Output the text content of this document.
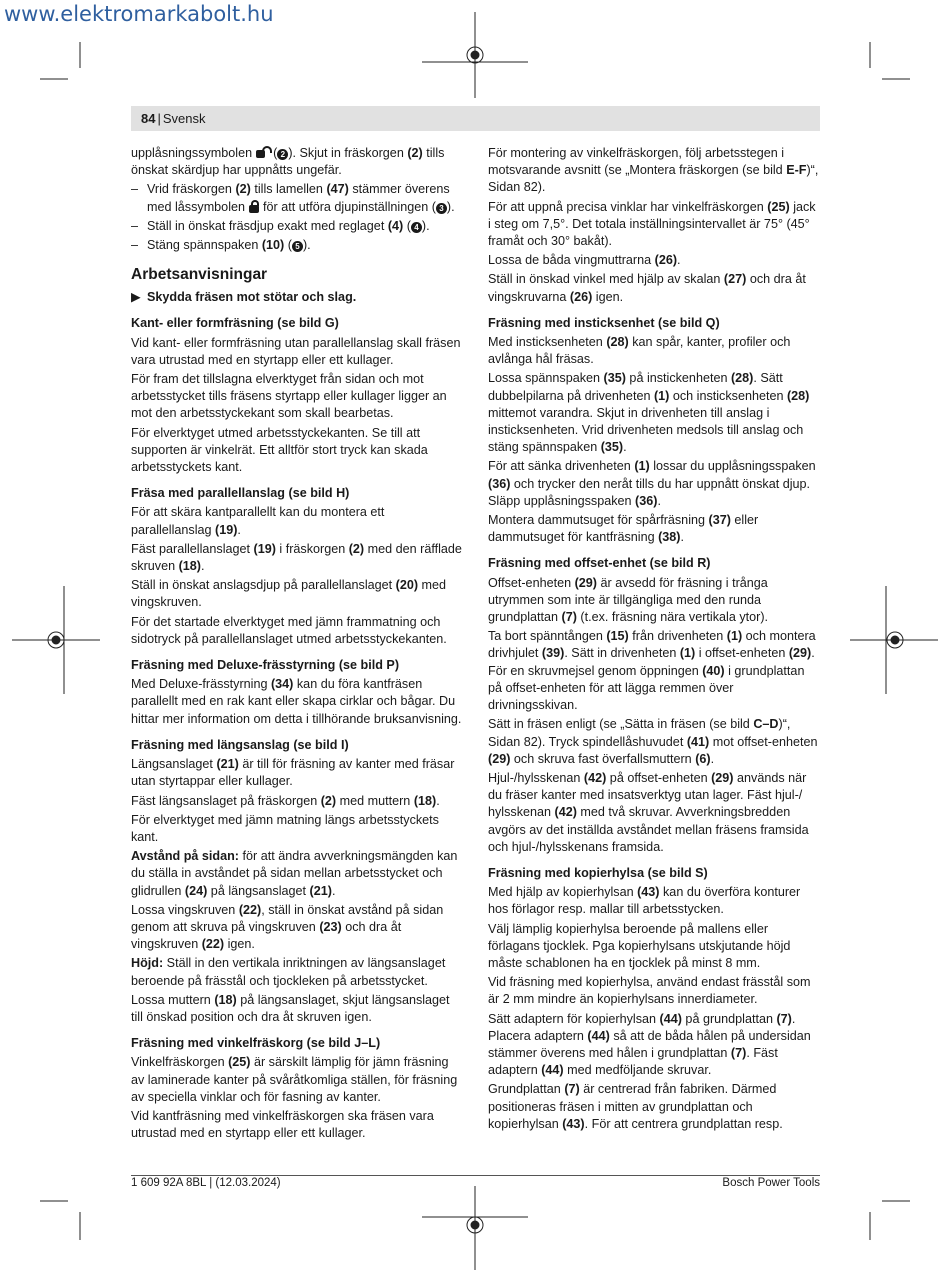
www.elektromarkabolt.hu
84 | Svensk

upplåsningssymbolen  ( 2 ). Skjut in fräskorgen (2) tills önskat skärdjup har uppnåtts ungefär.

– Vrid fräskorgen (2) tills lamellen (47) stämmer överens med låssymbolen  för att utföra djupinställningen ( 3 ).
– Ställ in önskat fräsdjup exakt med reglaget (4) ( 4 ).
– Stäng spännspaken (10) ( 5 ).
Arbetsanvisningar

▶ Skydda fräsen mot stötar och slag.

Kant- eller formfräsning (se bild G)

Vid kant- eller formfräsning utan parallellanslag skall fräsen vara utrustad med en styrtapp eller ett kullager.

För fram det tillslagna elverktyget från sidan och mot arbetsstycket tills fräsens styrtapp eller kullager ligger an mot den arbetsstyckekant som skall bearbetas.

För elverktyget utmed arbetsstyckekanten. Se till att supporten är vinkelrät. Ett alltför stort tryck kan skada arbetsstyckets kant.

Fräsa med parallellanslag (se bild H)

För att skära kantparallellt kan du montera ett parallellanslag (19).

Fäst parallellanslaget (19) i fräskorgen (2) med den räfflade skruven (18).

Ställ in önskat anslagsdjup på parallellanslaget (20) med vingskruven.

För det startade elverktyget med jämn frammatning och sidotryck på parallellanslaget utmed arbetsstyckekanten.

Fräsning med Deluxe-frässtyrning (se bild P)

Med Deluxe-frässtyrning (34) kan du föra kantfräsen parallellt med en rak kant eller skapa cirklar och bågar. Du hittar mer information om detta i tillhörande bruksanvisning.

Fräsning med längsanslag (se bild I)

Längsanslaget (21) är till för fräsning av kanter med fräsar utan styrtappar eller kullager.

Fäst längsanslaget på fräskorgen (2) med muttern (18).

För elverktyget med jämn matning längs arbetsstyckets kant.

Avstånd på sidan: för att ändra avverkningsmängden kan du ställa in avståndet på sidan mellan arbetsstycket och glidrullen (24) på längsanslaget (21).

Lossa vingskruven (22), ställ in önskat avstånd på sidan genom att skruva på vingskruven (23) och dra åt vingskruven (22) igen.

Höjd: Ställ in den vertikala inriktningen av längsanslaget beroende på frässtål och tjockleken på arbetsstycket.

Lossa muttern (18) på längsanslaget, skjut längsanslaget till önskad position och dra åt skruven igen.

Fräsning med vinkelfräskorg (se bild J–L)

Vinkelfräskorgen (25) är särskilt lämplig för jämn fräsning av laminerade kanter på svåråtkomliga ställen, för fräsning av speciella vinklar och för fasning av kanter.

Vid kantfräsning med vinkelfräskorgen ska fräsen vara utrustad med en styrtapp eller ett kullager.

För montering av vinkelfräskorgen, följ arbetsstegen i motsvarande avsnitt (se „Montera fräskorgen (se bild E-F)“, Sidan 82).

För att uppnå precisa vinklar har vinkelfräskorgen (25) jack i steg om 7,5°. Det totala inställningsintervallet är 75° (45° framåt och 30° bakåt).

Lossa de båda vingmuttrarna (26).

Ställ in önskad vinkel med hjälp av skalan (27) och dra åt vingskruvarna (26) igen.

Fräsning med insticksenhet (se bild Q)

Med insticksenheten (28) kan spår, kanter, profiler och avlånga hål fräsas.

Lossa spännspaken (35) på instickenheten (28). Sätt dubbelpilarna på drivenheten (1) och insticksenheten (28) mittemot varandra. Skjut in drivenheten till anslag i insticksenheten. Vrid drivenheten medsols till anslag och stäng spännspaken (35).

För att sänka drivenheten (1) lossar du upplåsningsspaken (36) och trycker den neråt tills du har uppnått önskat djup. Släpp upplåsningsspaken (36).

Montera dammutsuget för spårfräsning (37) eller dammutsuget för kantfräsning (38).

Fräsning med offset-enhet (se bild R)

Offset-enheten (29) är avsedd för fräsning i trånga utrymmen som inte är tillgängliga med den runda grundplattan (7) (t.ex. fräsning nära vertikala ytor).

Ta bort spänntången (15) från drivenheten (1) och montera drivhjulet (39). Sätt in drivenheten (1) i offset-enheten (29). För en skruvmejsel genom öppningen (40) i grundplattan på offset-enheten för att lägga remmen över drivningsskivan.

Sätt in fräsen enligt (se „Sätta in fräsen (se bild C–D)“, Sidan 82). Tryck spindellåshuvudet (41) mot offset-enheten (29) och skruva fast överfallsmuttern (6).

Hjul-/hylsskenan (42) på offset-enheten (29) används när du fräser kanter med insatsverktyg utan lager. Fäst hjul-/ hylsskenan (42) med två skruvar. Avverkningsbredden avgörs av det inställda avståndet mellan fräsens framsida och hjul-/hylsskenans framsida.

Fräsning med kopierhylsa (se bild S)

Med hjälp av kopierhylsan (43) kan du överföra konturer hos förlagor resp. mallar till arbetsstycken.

Välj lämplig kopierhylsa beroende på mallens eller förlagans tjocklek. Pga kopierhylsans utskjutande höjd måste schablonen ha en tjocklek på minst 8 mm.

Vid fräsning med kopierhylsa, använd endast frässtål som är 2 mm mindre än kopierhylsans innerdiameter.

Sätt adaptern för kopierhylsan (44) på grundplattan (7). Placera adaptern (44) så att de båda hålen på undersidan stämmer överens med hålen i grundplattan (7). Fäst adaptern (44) med medföljande skruvar.

Grundplattan (7) är centrerad från fabriken. Därmed positioneras fräsen i mitten av grundplattan och kopierhylsan (43). För att centrera grundplattan resp.

1 609 92A 8BL | (12.03.2024)	Bosch Power Tools
